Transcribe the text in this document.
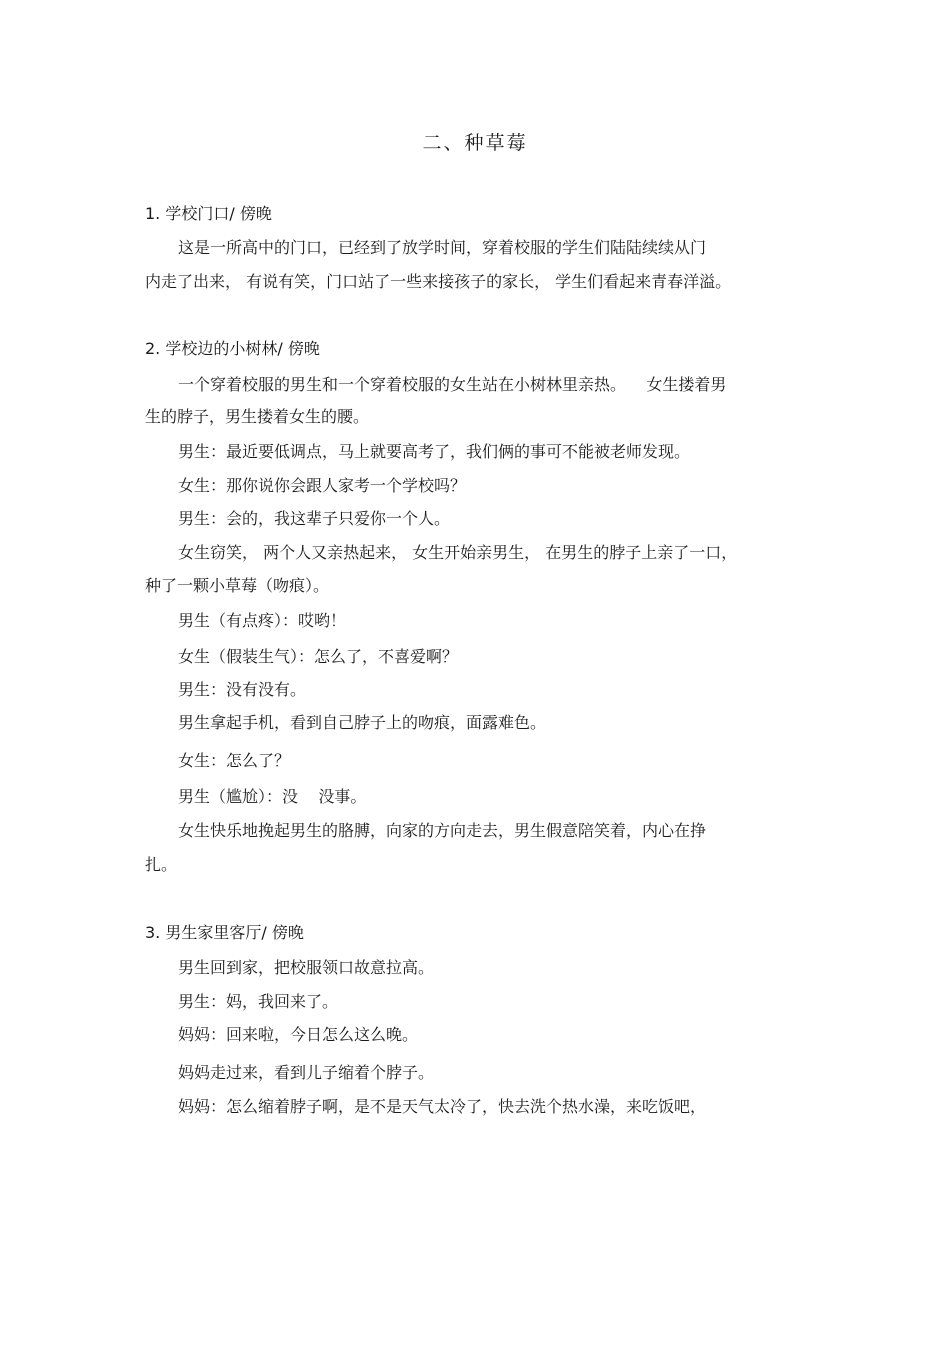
二、种草莓
1. 学校门口/ 傍晚
这是一所高中的门口，已经到了放学时间，穿着校服的学生们陆陆续续从门
内走了出来， 有说有笑，门口站了一些来接孩子的家长， 学生们看起来青春洋溢。
2. 学校边的小树林/ 傍晚
一个穿着校服的男生和一个穿着校服的女生站在小树林里亲热。    女生搂着男
生的脖子，男生搂着女生的腰。
男生：最近要低调点，马上就要高考了，我们俩的事可不能被老师发现。
女生：那你说你会跟人家考一个学校吗？
男生：会的，我这辈子只爱你一个人。
女生窃笑， 两个人又亲热起来， 女生开始亲男生， 在男生的脖子上亲了一口，
种了一颗小草莓（吻痕）。
男生（有点疼）：哎哟！
女生（假装生气）：怎么了，不喜爱啊？
男生：没有没有。
男生拿起手机，看到自己脖子上的吻痕，面露难色。
女生：怎么了？
男生（尴尬）：没    没事。
女生快乐地挽起男生的胳膊，向家的方向走去，男生假意陪笑着，内心在挣
扎。
3. 男生家里客厅/ 傍晚
男生回到家，把校服领口故意拉高。
男生：妈，我回来了。
妈妈：回来啦，今日怎么这么晚。
妈妈走过来，看到儿子缩着个脖子。
妈妈：怎么缩着脖子啊，是不是天气太冷了，快去洗个热水澡，来吃饭吧，
